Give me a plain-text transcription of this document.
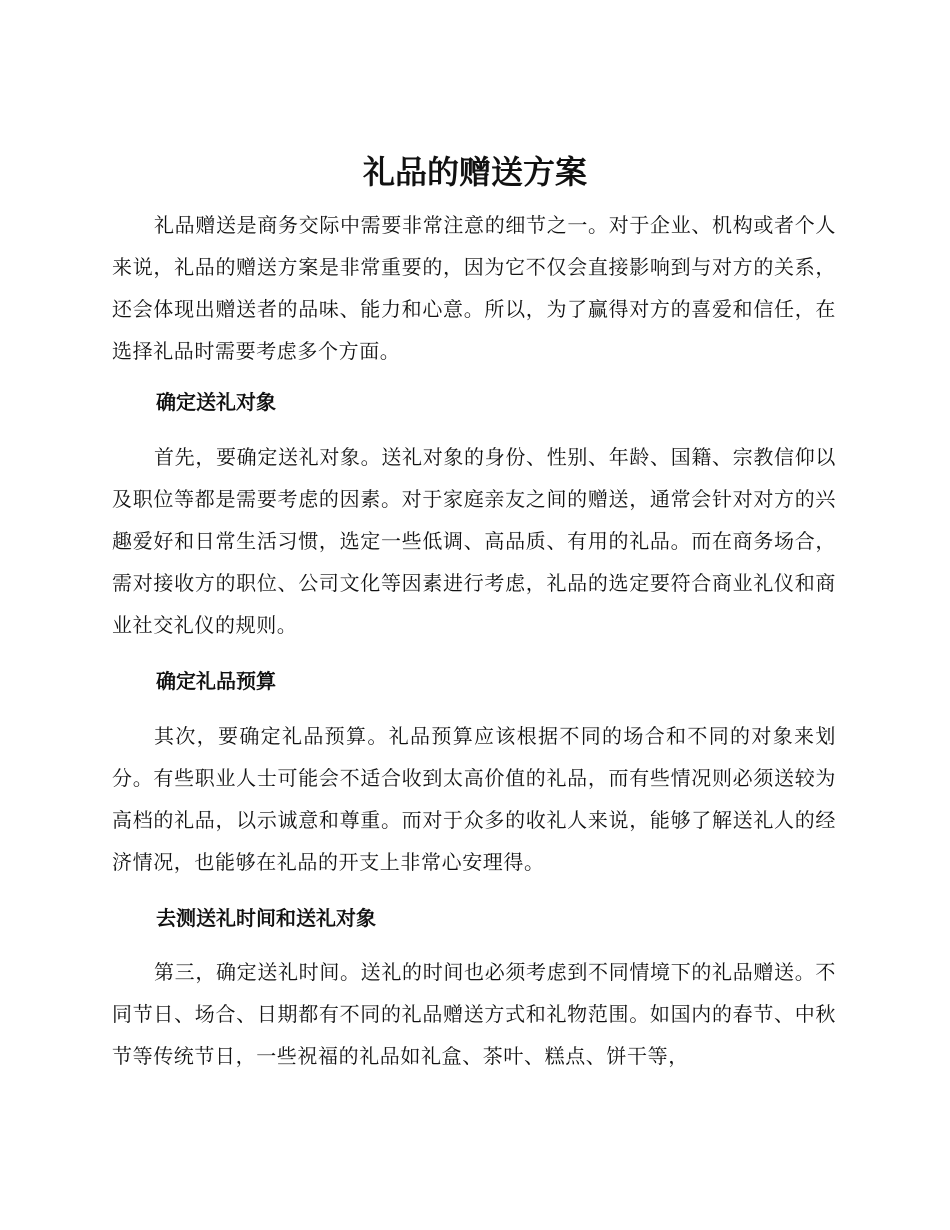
礼品的赠送方案

礼品赠送是商务交际中需要非常注意的细节之一。对于企业、机构或者个人来说，礼品的赠送方案是非常重要的，因为它不仅会直接影响到与对方的关系，还会体现出赠送者的品味、能力和心意。所以，为了赢得对方的喜爱和信任，在选择礼品时需要考虑多个方面。

确定送礼对象

首先，要确定送礼对象。送礼对象的身份、性别、年龄、国籍、宗教信仰以及职位等都是需要考虑的因素。对于家庭亲友之间的赠送，通常会针对对方的兴趣爱好和日常生活习惯，选定一些低调、高品质、有用的礼品。而在商务场合，需对接收方的职位、公司文化等因素进行考虑，礼品的选定要符合商业礼仪和商业社交礼仪的规则。

确定礼品预算

其次，要确定礼品预算。礼品预算应该根据不同的场合和不同的对象来划分。有些职业人士可能会不适合收到太高价值的礼品，而有些情况则必须送较为高档的礼品，以示诚意和尊重。而对于众多的收礼人来说，能够了解送礼人的经济情况，也能够在礼品的开支上非常心安理得。

去测送礼时间和送礼对象

第三，确定送礼时间。送礼的时间也必须考虑到不同情境下的礼品赠送。不同节日、场合、日期都有不同的礼品赠送方式和礼物范围。如国内的春节、中秋节等传统节日，一些祝福的礼品如礼盒、茶叶、糕点、饼干等，
